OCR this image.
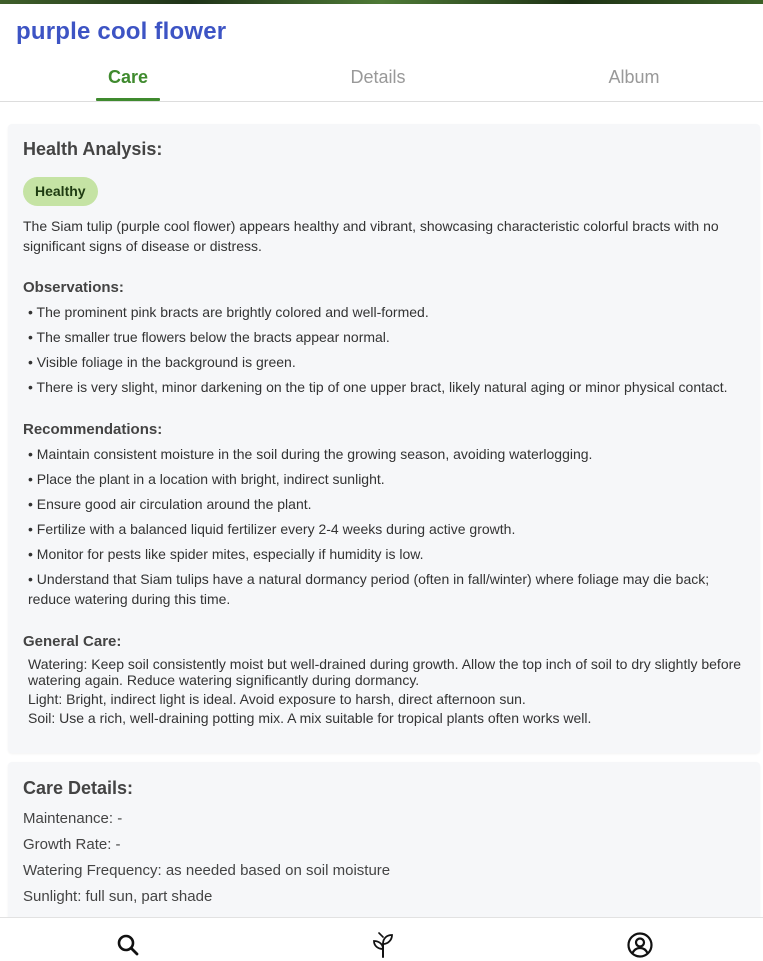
purple cool flower
Care	Details	Album
Health Analysis:
Healthy
The Siam tulip (purple cool flower) appears healthy and vibrant, showcasing characteristic colorful bracts with no significant signs of disease or distress.
Observations:
• The prominent pink bracts are brightly colored and well-formed.
• The smaller true flowers below the bracts appear normal.
• Visible foliage in the background is green.
• There is very slight, minor darkening on the tip of one upper bract, likely natural aging or minor physical contact.
Recommendations:
• Maintain consistent moisture in the soil during the growing season, avoiding waterlogging.
• Place the plant in a location with bright, indirect sunlight.
• Ensure good air circulation around the plant.
• Fertilize with a balanced liquid fertilizer every 2-4 weeks during active growth.
• Monitor for pests like spider mites, especially if humidity is low.
• Understand that Siam tulips have a natural dormancy period (often in fall/winter) where foliage may die back; reduce watering during this time.
General Care:
Watering: Keep soil consistently moist but well-drained during growth. Allow the top inch of soil to dry slightly before watering again. Reduce watering significantly during dormancy.
Light: Bright, indirect light is ideal. Avoid exposure to harsh, direct afternoon sun.
Soil: Use a rich, well-draining potting mix. A mix suitable for tropical plants often works well.
Care Details:
Maintenance: -
Growth Rate: -
Watering Frequency: as needed based on soil moisture
Sunlight: full sun, part shade
